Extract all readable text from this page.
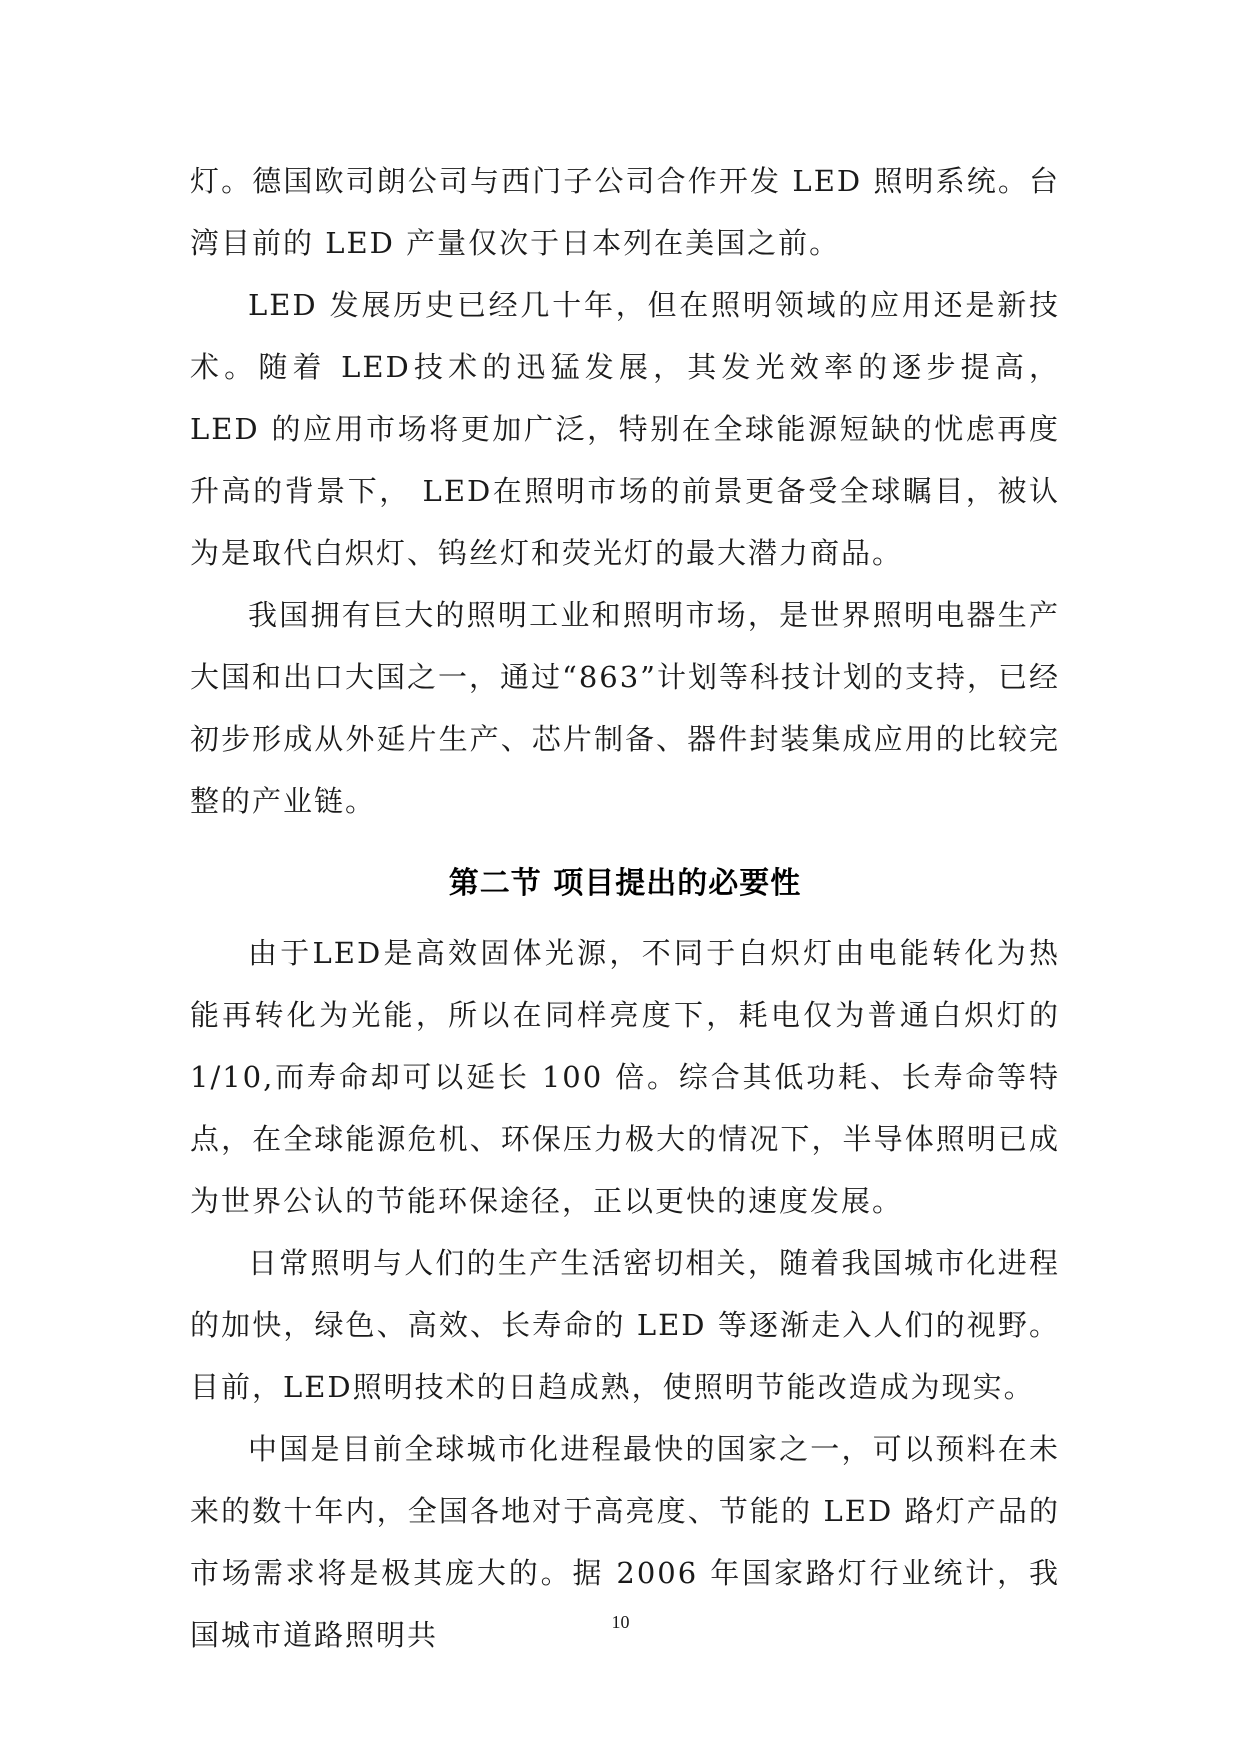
灯。德国欧司朗公司与西门子公司合作开发 LED 照明系统。台湾目前的 LED 产量仅次于日本列在美国之前。

LED 发展历史已经几十年，但在照明领域的应用还是新技术。随着 LED技术的迅猛发展，其发光效率的逐步提高， LED 的应用市场将更加广泛，特别在全球能源短缺的忧虑再度升高的背景下， LED在照明市场的前景更备受全球瞩目，被认为是取代白炽灯、钨丝灯和荧光灯的最大潜力商品。

我国拥有巨大的照明工业和照明市场，是世界照明电器生产大国和出口大国之一，通过“863”计划等科技计划的支持，已经初步形成从外延片生产、芯片制备、器件封装集成应用的比较完整的产业链。

第二节 项目提出的必要性

由于LED是高效固体光源，不同于白炽灯由电能转化为热能再转化为光能，所以在同样亮度下，耗电仅为普通白炽灯的 1/10,而寿命却可以延长 100 倍。综合其低功耗、长寿命等特点，在全球能源危机、环保压力极大的情况下，半导体照明已成为世界公认的节能环保途径，正以更快的速度发展。

日常照明与人们的生产生活密切相关，随着我国城市化进程的加快，绿色、高效、长寿命的 LED 等逐渐走入人们的视野。目前，LED照明技术的日趋成熟，使照明节能改造成为现实。

中国是目前全球城市化进程最快的国家之一，可以预料在未来的数十年内，全国各地对于高亮度、节能的 LED 路灯产品的市场需求将是极其庞大的。据 2006 年国家路灯行业统计，我国城市道路照明共	10
